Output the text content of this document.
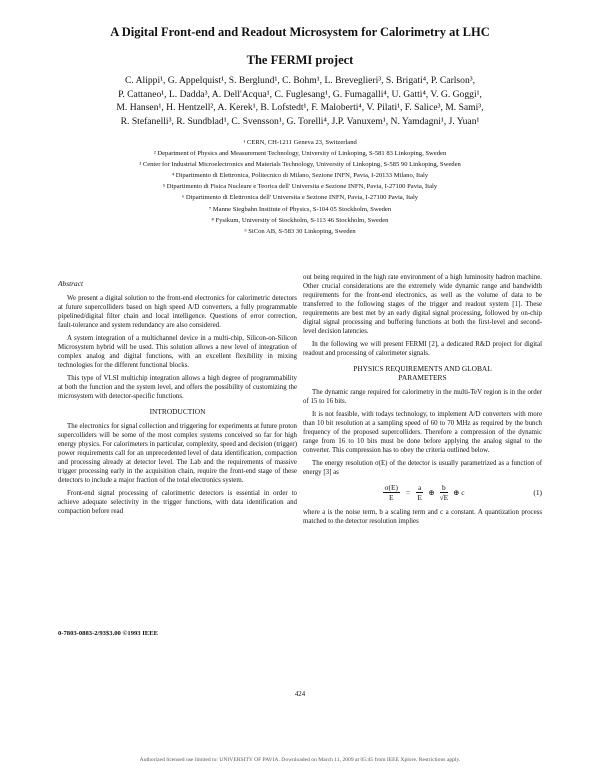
A Digital Front-end and Readout Microsystem for Calorimetry at LHC
The FERMI project
C. Alippi¹, G. Appelquist¹, S. Berglund¹, C. Bohm¹, L. Breveglieri³, S. Brigati⁴, P. Carlson³,
P. Cattaneo¹, L. Dadda³, A. Dell'Acqua¹, C. Fuglesang¹, G. Fumagalli⁴, U. Gatti⁴, V. G. Goggi¹,
M. Hansen¹, H. Hentzell², A. Kerek¹, B. Lofstedt¹, F. Maloberti⁴, V. Pilati¹, F. Salice³, M. Sami³,
R. Stefanelli³, R. Sundblad¹, C. Svensson¹, G. Torelli⁴, J.P. Vanuxem¹, N. Yamdagni¹, J. Yuan¹
¹ CERN, CH-1211 Geneva 23, Switzerland
² Department of Physics and Measurement Technology, University of Linkoping, S-581 83 Linkoping, Sweden
³ Center for Industrial Microelectronics and Materials Technology, University of Linkoping, S-585 90 Linkoping, Sweden
⁴ Dipartimento di Elettronica, Politecnico di Milano, Sezione INFN, Pavia, I-20133 Milano, Italy
⁵ Dipartimento di Fisica Nucleare e Teorica dell' Universita e Sezione INFN, Pavia, I-27100 Pavia, Italy
⁶ Dipartimento di Elettronica dell' Universita e Sezione INFN, Pavia, I-27100 Pavia, Italy
⁷ Manne Siegbahn Institute of Physics, S-104 05 Stockholm, Sweden
⁸ Fysikum, University of Stockholm, S-113 46 Stockholm, Sweden
⁹ SiCon AB, S-583 30 Linkoping, Sweden
Abstract

We present a digital solution to the front-end electronics for calorimetric detectors at future supercolliders based on high speed A/D converters, a fully programmable pipelined/digital filter chain and local intelligence. Questions of error correction, fault-tolerance and system redundancy are also considered.

A system integration of a multichannel device in a multi-chip, Silicon-on-Silicon Microsystem hybrid will be used. This solution allows a new level of integration of complex analog and digital functions, with an excellent flexibility in mixing technologies for the different functional blocks.

This type of VLSI multichip integration allows a high degree of programmability at both the function and the system level, and offers the possibility of customizing the microsystem with detector-specific functions.

INTRODUCTION

The electronics for signal collection and triggering for experiments at future proton supercolliders will be some of the most complex systems conceived so far for high energy physics. For calorimeters in particular, complexity, speed and decision (trigger) power requirements call for an unprecedented level of data identification, compaction and processing already at detector level. The Lab and the requirements of massive trigger processing early in the acquisition chain, require the front-end stage of these detectors to include a major fraction of the total electronics system.

Front-end signal processing of calorimetric detectors is essential in order to achieve adequate selectivity in the trigger functions, with data identification and compaction before read

out being required in the high rate environment of a high luminosity hadron machine. Other crucial considerations are the extremely wide dynamic range and bandwidth requirements for the front-end electronics, as well as the volume of data to be transferred to the following stages of the trigger and readout system [1]. These requirements are best met by an early digital signal processing, followed by on-chip digital signal processing and buffering functions at both the first-level and second-level decision latencies.

In the following we will present FERMI [2], a dedicated R&D project for digital readout and processing of calorimeter signals.

PHYSICS REQUIREMENTS AND GLOBAL
PARAMETERS

The dynamic range required for calorimetry in the multi-TeV region is in the order of 15 to 16 bits.

It is not feasible, with todays technology, to implement A/D converters with more than 10 bit resolution at a sampling speed of 60 to 70 MHz as required by the bunch frequency of the proposed supercolliders. Therefore a compression of the dynamic range from 16 to 10 bits must be done before applying the analog signal to the converter. This compression has to obey the criteria outlined below.

The energy resolution σ(E) of the detector is usually parametrized as a function of energy [3] as

$\frac{\sigma(E)}{E} = \frac{a}{E}$ ⊕ $\frac{b}{√E}$ ⊕ c	(1)

where a is the noise term, b a scaling term and c a constant. A quantization process matched to the detector resolution implies

0-7803-0883-2/93$3.00 ©1993 IEEE
424
Authorized licensed use limited to: UNIVERSITY OF PAVIA. Downloaded on March 11, 2009 at 05:45 from IEEE Xplore. Restrictions apply.
